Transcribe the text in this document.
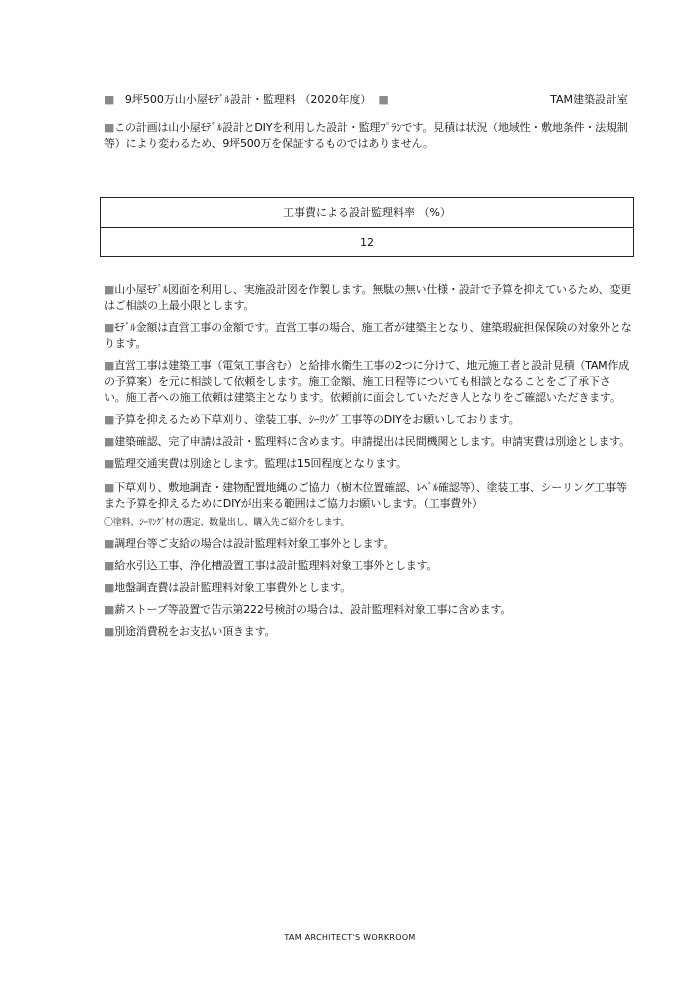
■ 9坪500万山小屋ﾓﾃﾞﾙ設計・監理料 （2020年度） ■	TAM建築設計室
■この計画は山小屋ﾓﾃﾞﾙ設計とDIYを利用した設計・監理ﾌﾟﾗﾝです。見積は状況（地域性・敷地条件・法規制等）により変わるため、9坪500万を保証するものではありません。
工事費による設計監理料率 （%）
12
■山小屋ﾓﾃﾞﾙ図面を利用し、実施設計図を作製します。無駄の無い仕様・設計で予算を抑えているため、変更はご相談の上最小限とします。
■ﾓﾃﾞﾙ金額は直営工事の金額です。直営工事の場合、施工者が建築主となり、建築瑕疵担保保険の対象外となります。
■直営工事は建築工事（電気工事含む）と給排水衛生工事の2つに分けて、地元施工者と設計見積（TAM作成の予算案）を元に相談して依頼をします。施工金額、施工日程等についても相談となることをご了承下さい。施工者への施工依頼は建築主となります。依頼前に面会していただき人となりをご確認いただきます。
■予算を抑えるため下草刈り、塗装工事、ｼｰﾘﾝｸﾞ工事等のDIYをお願いしております。
■建築確認、完了申請は設計・監理料に含めます。申請提出は民間機関とします。申請実費は別途とします。
■監理交通実費は別途とします。監理は15回程度となります。
■下草刈り、敷地調査・建物配置地縄のご協力（樹木位置確認、ﾚﾍﾞﾙ確認等）、塗装工事、シーリング工事等また予算を抑えるためにDIYが出来る範囲はご協力お願いします。（工事費外）
〇塗料、ｼｰﾘﾝｸﾞ材の選定、数量出し、購入先ご紹介をします。
■調理台等ご支給の場合は設計監理料対象工事外とします。
■給水引込工事、浄化槽設置工事は設計監理料対象工事外とします。
■地盤調査費は設計監理料対象工事費外とします。
■薪ストーブ等設置で告示第222号検討の場合は、設計監理料対象工事に含めます。
■別途消費税をお支払い頂きます。
TAM ARCHITECT'S WORKROOM
